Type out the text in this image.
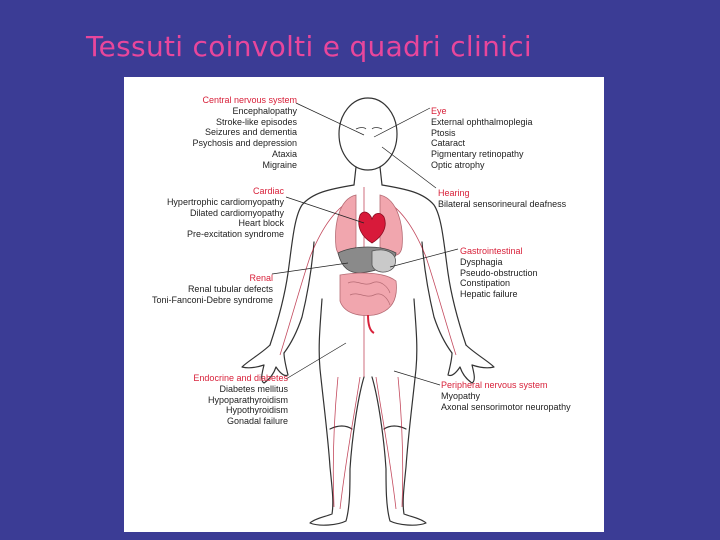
Tessuti coinvolti e quadri clinici
Central nervous system
Encephalopathy
Stroke-like episodes
Seizures and dementia
Psychosis and depression
Ataxia
Migraine
Cardiac
Hypertrophic cardiomyopathy
Dilated cardiomyopathy
Heart block
Pre-excitation syndrome
Renal
Renal tubular defects
Toni-Fanconi-Debre syndrome
Endocrine and diabetes
Diabetes mellitus
Hypoparathyroidism
Hypothyroidism
Gonadal failure
Eye
External ophthalmoplegia
Ptosis
Cataract
Pigmentary retinopathy
Optic atrophy
Hearing
Bilateral sensorineural deafness
Gastrointestinal
Dysphagia
Pseudo-obstruction
Constipation
Hepatic failure
Peripheral nervous system
Myopathy
Axonal sensorimotor neuropathy
